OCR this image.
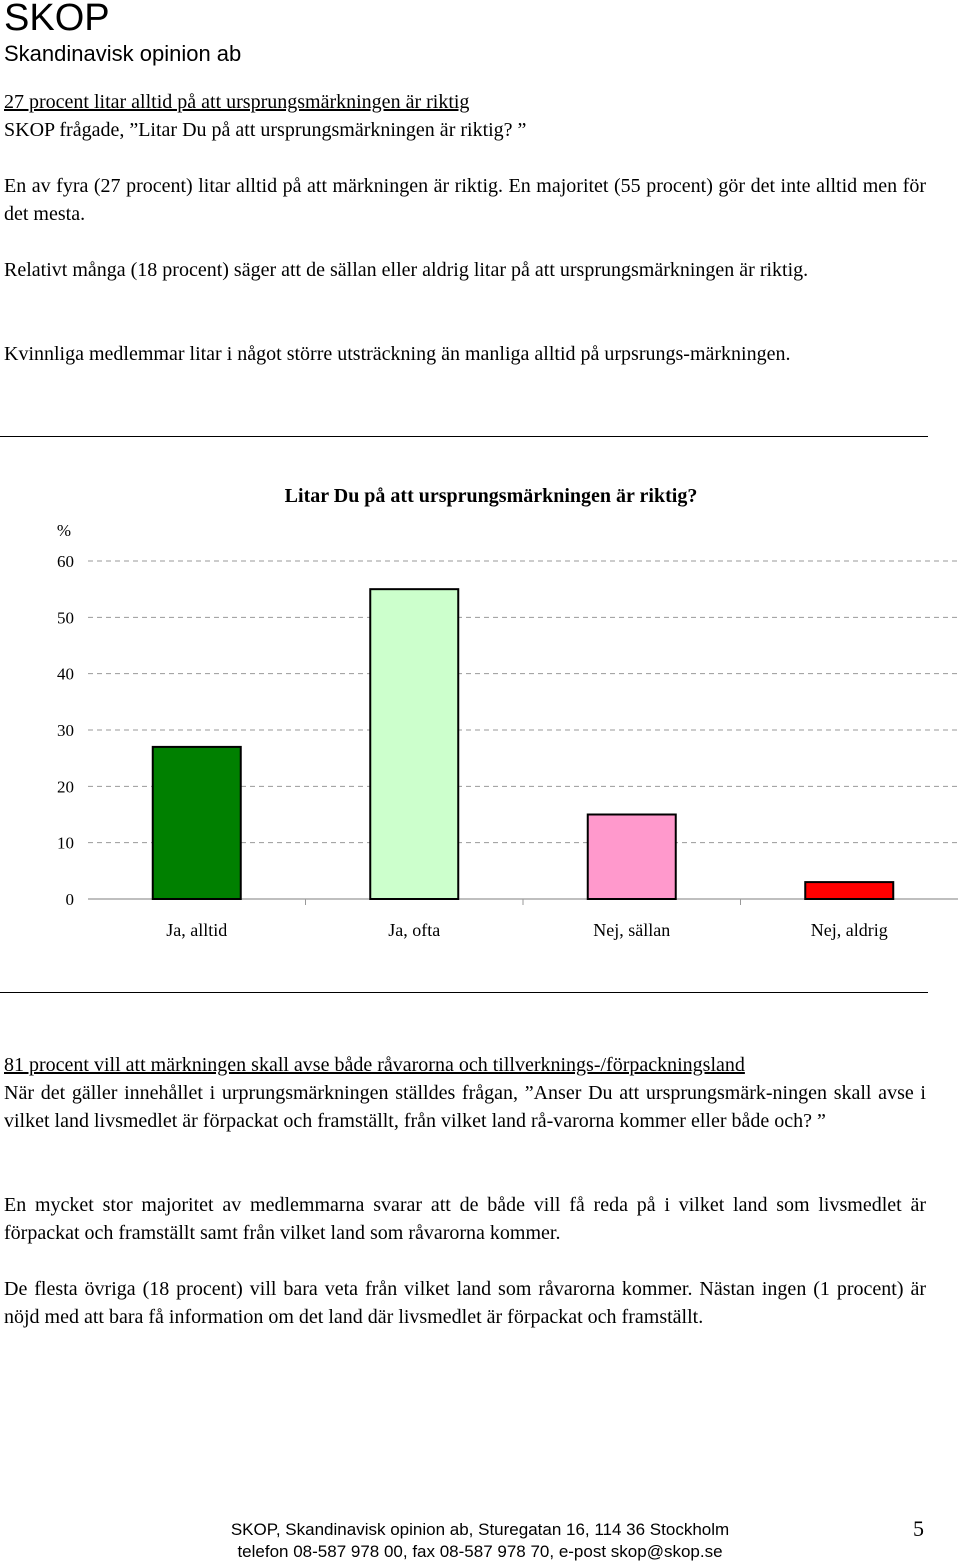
SKOP
Skandinavisk opinion ab
27 procent litar alltid på att ursprungsmärkningen är riktig
SKOP frågade, ”Litar Du på att ursprungsmärkningen är riktig? ”
En av fyra (27 procent) litar alltid på att märkningen är riktig. En majoritet (55 procent) gör det inte alltid men för det mesta.
Relativt många (18 procent) säger att de sällan eller aldrig litar på att ursprungsmärkningen är riktig.
Kvinnliga medlemmar litar i något större utsträckning än manliga alltid på urpsrungs-märkningen.
Litar Du på att ursprungsmärkningen är riktig?
%
0
10
20
30
40
50
60
Ja, alltid	Ja, ofta	Nej, sällan	Nej, aldrig
81 procent vill att märkningen skall avse både råvarorna och tillverknings-/förpackningsland
När det gäller innehållet i urprungsmärkningen ställdes frågan, ”Anser Du att ursprungsmärk-ningen skall avse i vilket land livsmedlet är förpackat och framställt, från vilket land rå-varorna kommer eller både och? ”
En mycket stor majoritet av medlemmarna svarar att de både vill få reda på i vilket land som livsmedlet är förpackat och framställt samt från vilket land som råvarorna kommer.
De flesta övriga (18 procent) vill bara veta från vilket land som råvarorna kommer. Nästan ingen (1 procent) är nöjd med att bara få information om det land där livsmedlet är förpackat och framställt.
SKOP, Skandinavisk opinion ab, Sturegatan 16, 114 36 Stockholm
telefon 08-587 978 00, fax 08-587 978 70, e-post skop@skop.se
5
